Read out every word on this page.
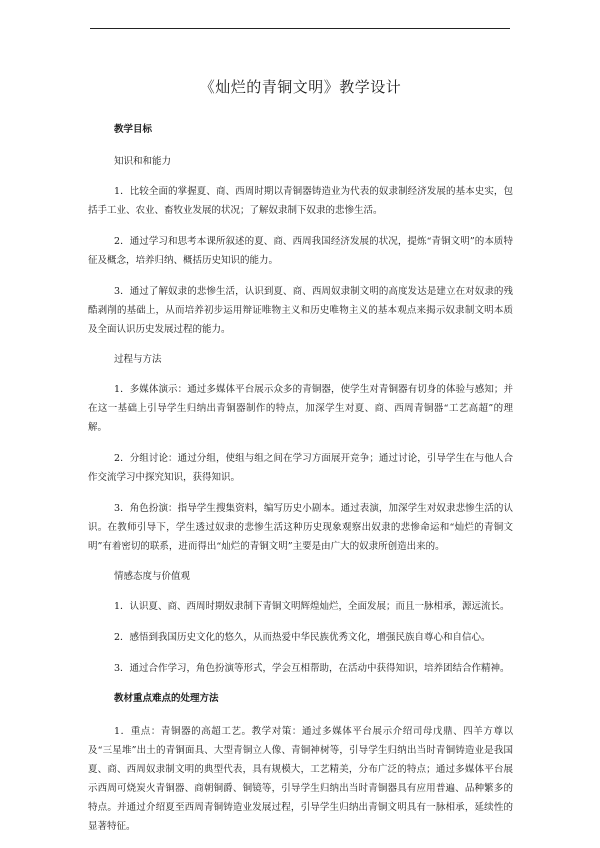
《灿烂的青铜文明》教学设计
教学目标
知识和和能力

1．比较全面的掌握夏、商、西周时期以青铜器铸造业为代表的奴隶制经济发展的基本史实，包括手工业、农业、畜牧业发展的状况；了解奴隶制下奴隶的悲惨生活。

2．通过学习和思考本课所叙述的夏、商、西周我国经济发展的状况，提炼“青铜文明”的本质特征及概念，培养归纳、概括历史知识的能力。

3．通过了解奴隶的悲惨生活，认识到夏、商、西周奴隶制文明的高度发达是建立在对奴隶的残酷剥削的基础上，从而培养初步运用辩证唯物主义和历史唯物主义的基本观点来揭示奴隶制文明本质及全面认识历史发展过程的能力。

过程与方法

1．多媒体演示：通过多媒体平台展示众多的青铜器，使学生对青铜器有切身的体验与感知；并在这一基础上引导学生归纳出青铜器制作的特点，加深学生对夏、商、西周青铜器“工艺高超”的理解。

2．分组讨论：通过分组，使组与组之间在学习方面展开竞争；通过讨论，引导学生在与他人合作交流学习中探究知识，获得知识。

3．角色扮演：指导学生搜集资料，编写历史小剧本。通过表演，加深学生对奴隶悲惨生活的认识。在教师引导下，学生透过奴隶的悲惨生活这种历史现象观察出奴隶的悲惨命运和“灿烂的青铜文明”有着密切的联系，进而得出“灿烂的青铜文明”主要是由广大的奴隶所创造出来的。

情感态度与价值观

1．认识夏、商、西周时期奴隶制下青铜文明辉煌灿烂，全面发展；而且一脉相承，源远流长。

2．感悟到我国历史文化的悠久，从而热爱中华民族优秀文化，增强民族自尊心和自信心。

3．通过合作学习，角色扮演等形式，学会互相帮助，在活动中获得知识，培养团结合作精神。

教材重点难点的处理方法

1．重点：青铜器的高超工艺。教学对策：通过多媒体平台展示介绍司母戊鼎、四羊方尊以及“三星堆”出土的青铜面具、大型青铜立人像、青铜神树等，引导学生归纳出当时青铜铸造业是我国夏、商、西周奴隶制文明的典型代表，具有规模大，工艺精美，分布广泛的特点；通过多媒体平台展示西周可烧炭火青铜器、商朝铜爵、铜镜等，引导学生归纳出当时青铜器具有应用普遍、品种繁多的特点。并通过介绍夏至西周青铜铸造业发展过程，引导学生归纳出青铜文明具有一脉相承，延续性的显著特征。
